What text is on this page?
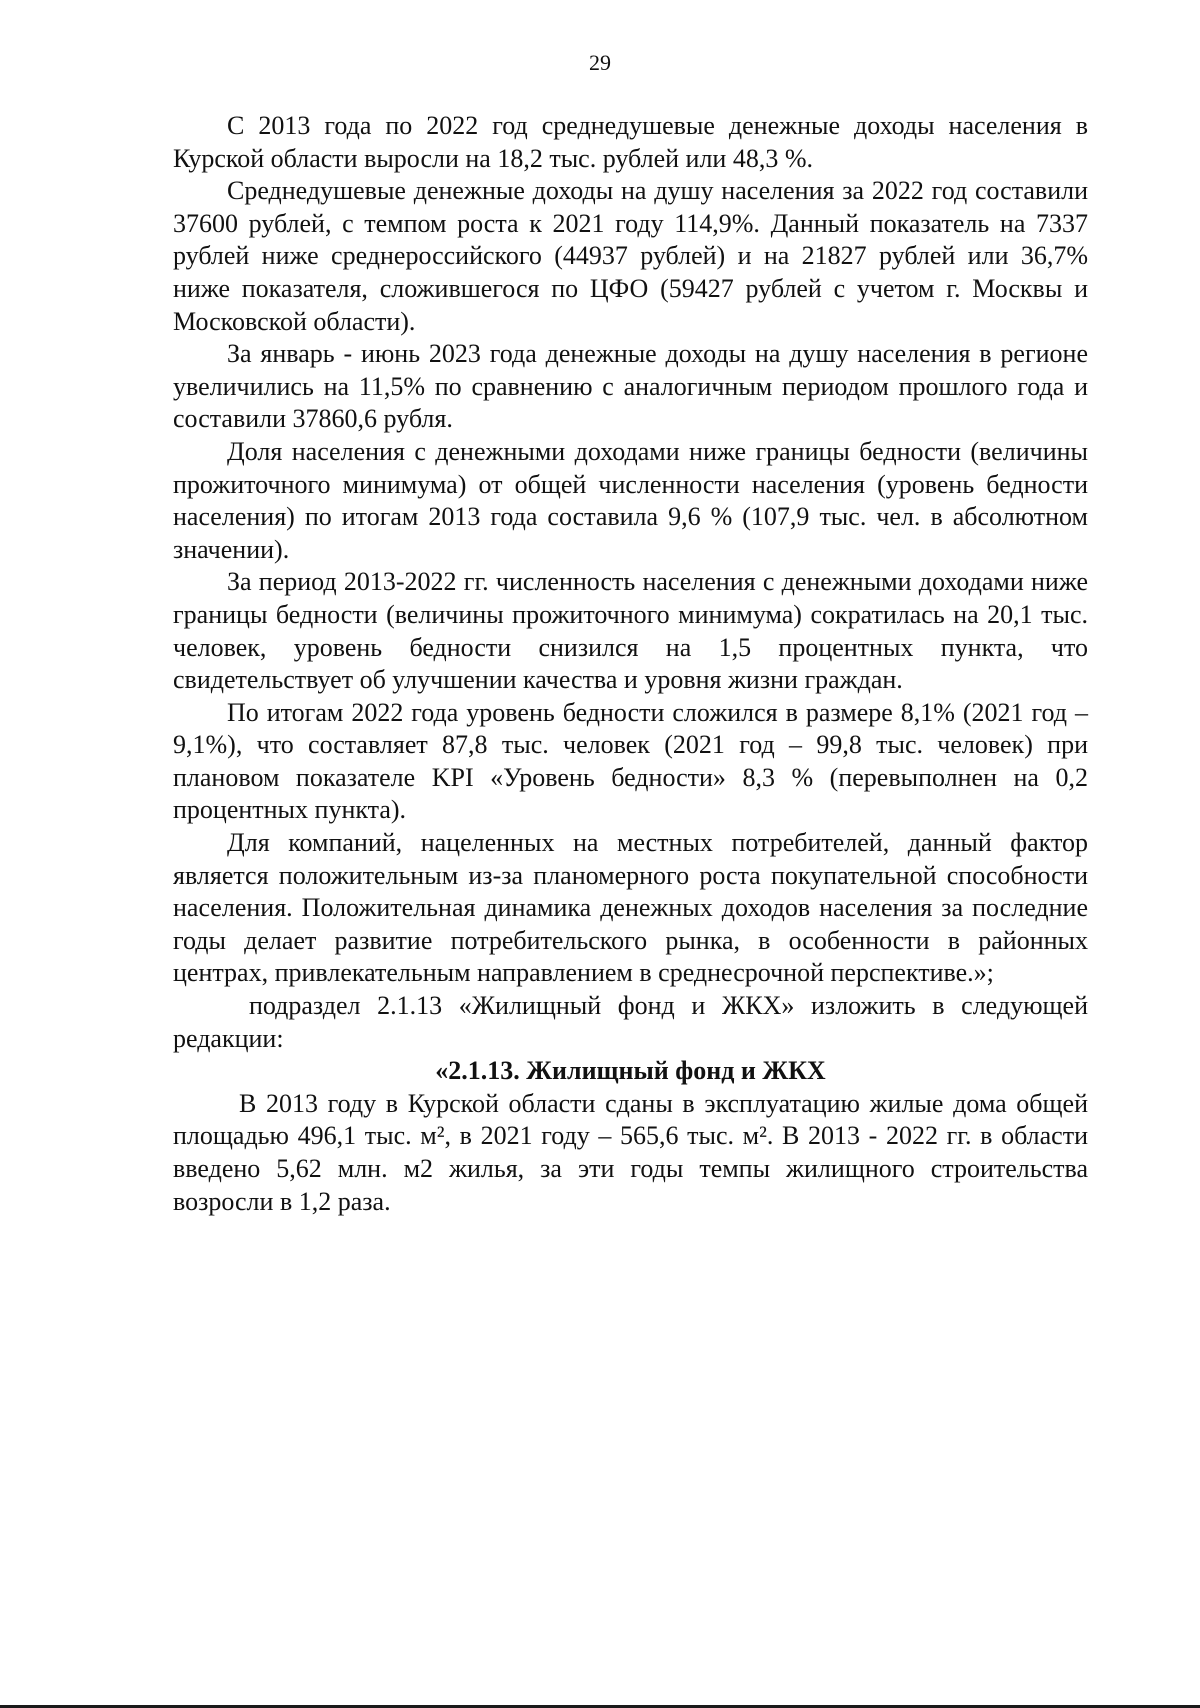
29

С 2013 года по 2022 год среднедушевые денежные доходы населения в Курской области выросли на 18,2 тыс. рублей или 48,3 %.

Среднедушевые денежные доходы на душу населения за 2022 год составили 37600 рублей, с темпом роста к 2021 году 114,9%. Данный показатель на 7337 рублей ниже среднероссийского (44937 рублей) и на 21827 рублей или 36,7% ниже показателя, сложившегося по ЦФО (59427 рублей с учетом г. Москвы и Московской области).

За январь - июнь 2023 года денежные доходы на душу населения в регионе увеличились на 11,5% по сравнению с аналогичным периодом прошлого года и составили 37860,6 рубля.

Доля населения с денежными доходами ниже границы бедности (величины прожиточного минимума) от общей численности населения (уровень бедности населения) по итогам 2013 года составила 9,6 % (107,9 тыс. чел. в абсолютном значении).

За период 2013-2022 гг. численность населения с денежными доходами ниже границы бедности (величины прожиточного минимума) сократилась на 20,1 тыс. человек, уровень бедности снизился на 1,5 процентных пункта, что свидетельствует об улучшении качества и уровня жизни граждан.

По итогам 2022 года уровень бедности сложился в размере 8,1% (2021 год – 9,1%), что составляет 87,8 тыс. человек (2021 год – 99,8 тыс. человек) при плановом показателе KPI «Уровень бедности» 8,3 % (перевыполнен на 0,2 процентных пункта).

Для компаний, нацеленных на местных потребителей, данный фактор является положительным из-за планомерного роста покупательной способности населения. Положительная динамика денежных доходов населения за последние годы делает развитие потребительского рынка, в особенности в районных центрах, привлекательным направлением в среднесрочной перспективе.»;

подраздел 2.1.13 «Жилищный фонд и ЖКХ» изложить в следующей редакции:

«2.1.13. Жилищный фонд и ЖКХ

В 2013 году в Курской области сданы в эксплуатацию жилые дома общей площадью 496,1 тыс. м², в 2021 году – 565,6 тыс. м². В 2013 - 2022 гг. в области введено 5,62 млн. м2 жилья, за эти годы темпы жилищного строительства возросли в 1,2 раза.
